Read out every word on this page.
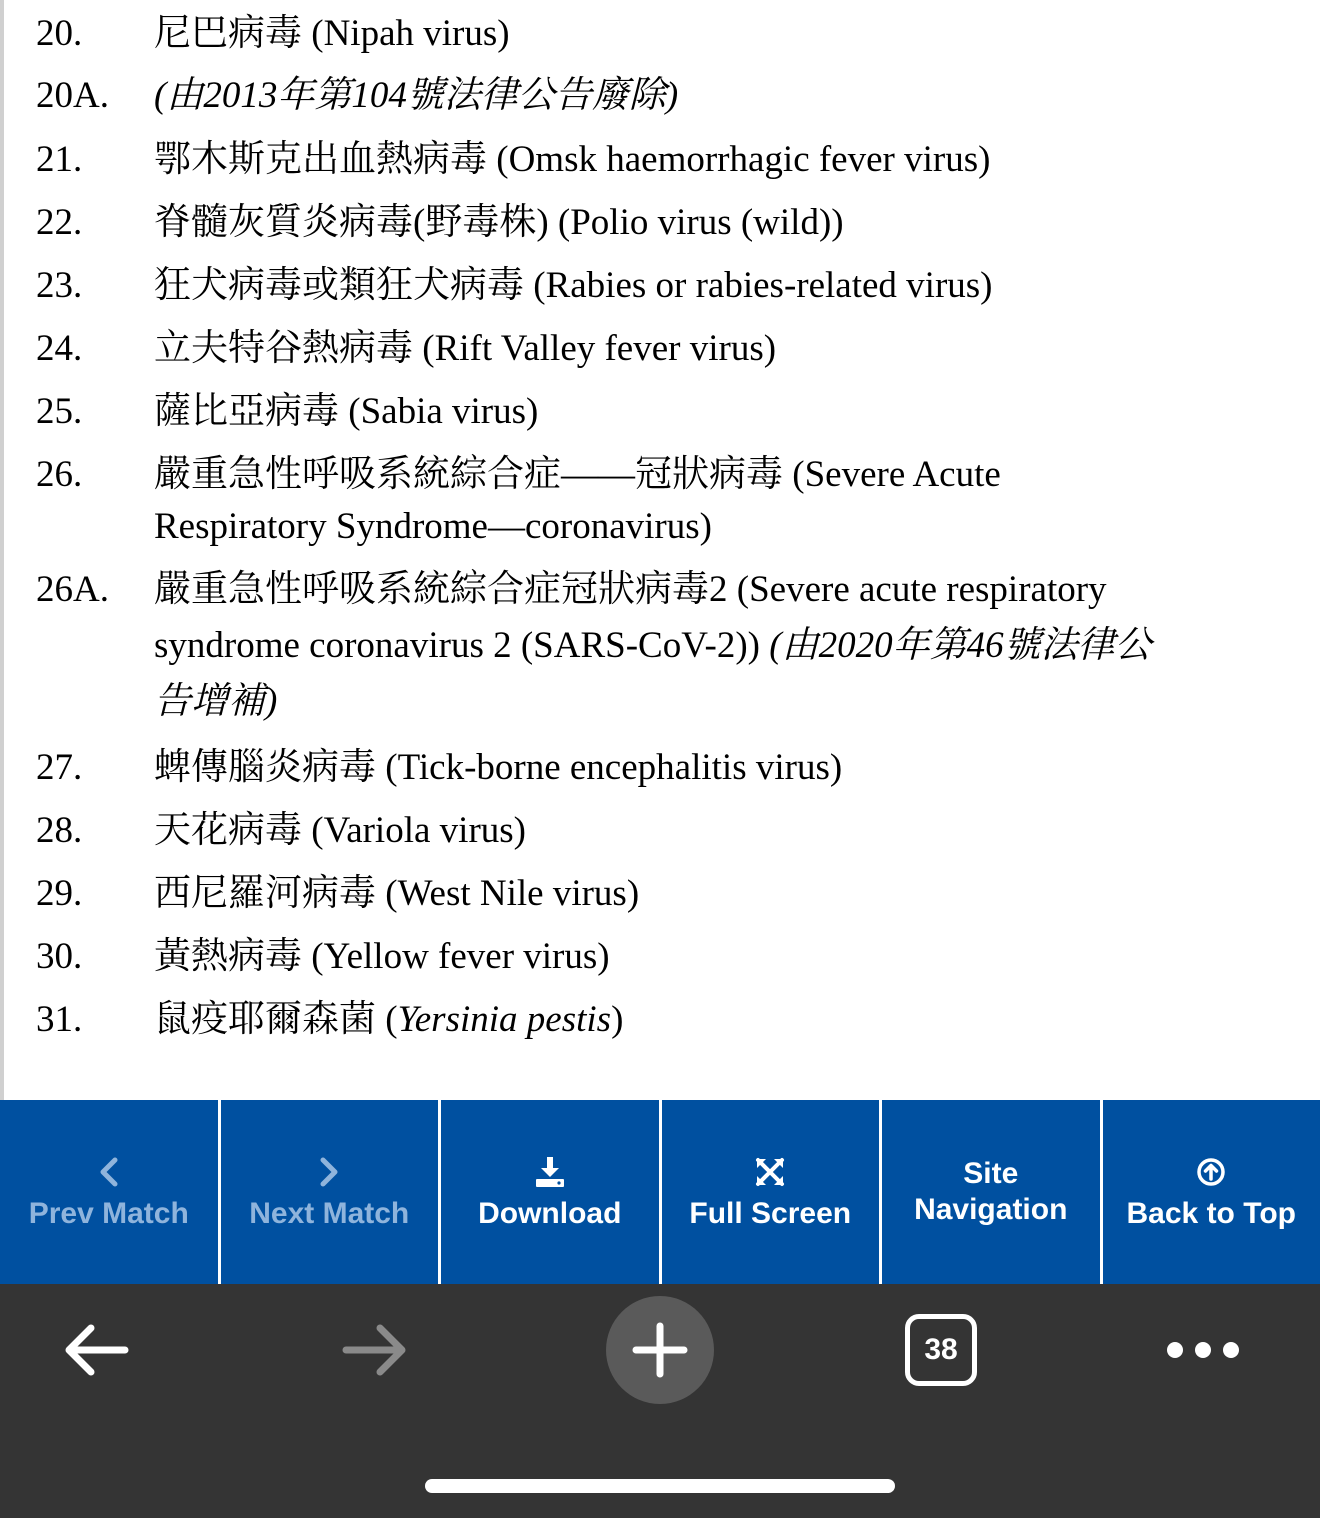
20. 尼巴病毒 (Nipah virus)
20A. (由2013年第104號法律公告廢除)
21. 鄂木斯克出血熱病毒 (Omsk haemorrhagic fever virus)
22. 脊髓灰質炎病毒(野毒株) (Polio virus (wild))
23. 狂犬病毒或類狂犬病毒 (Rabies or rabies-related virus)
24. 立夫特谷熱病毒 (Rift Valley fever virus)
25. 薩比亞病毒 (Sabia virus)
26. 嚴重急性呼吸系統綜合症——冠狀病毒 (Severe Acute
Respiratory Syndrome—coronavirus)
26A. 嚴重急性呼吸系統綜合症冠狀病毒2 (Severe acute respiratory
syndrome coronavirus 2 (SARS-CoV-2)) (由2020年第46號法律公
告增補)
27. 蜱傳腦炎病毒 (Tick-borne encephalitis virus)
28. 天花病毒 (Variola virus)
29. 西尼羅河病毒 (West Nile virus)
30. 黃熱病毒 (Yellow fever virus)
31. 鼠疫耶爾森菌 (Yersinia pestis)
Prev Match Next Match Download Full Screen
Site
Navigation Back to Top
38
